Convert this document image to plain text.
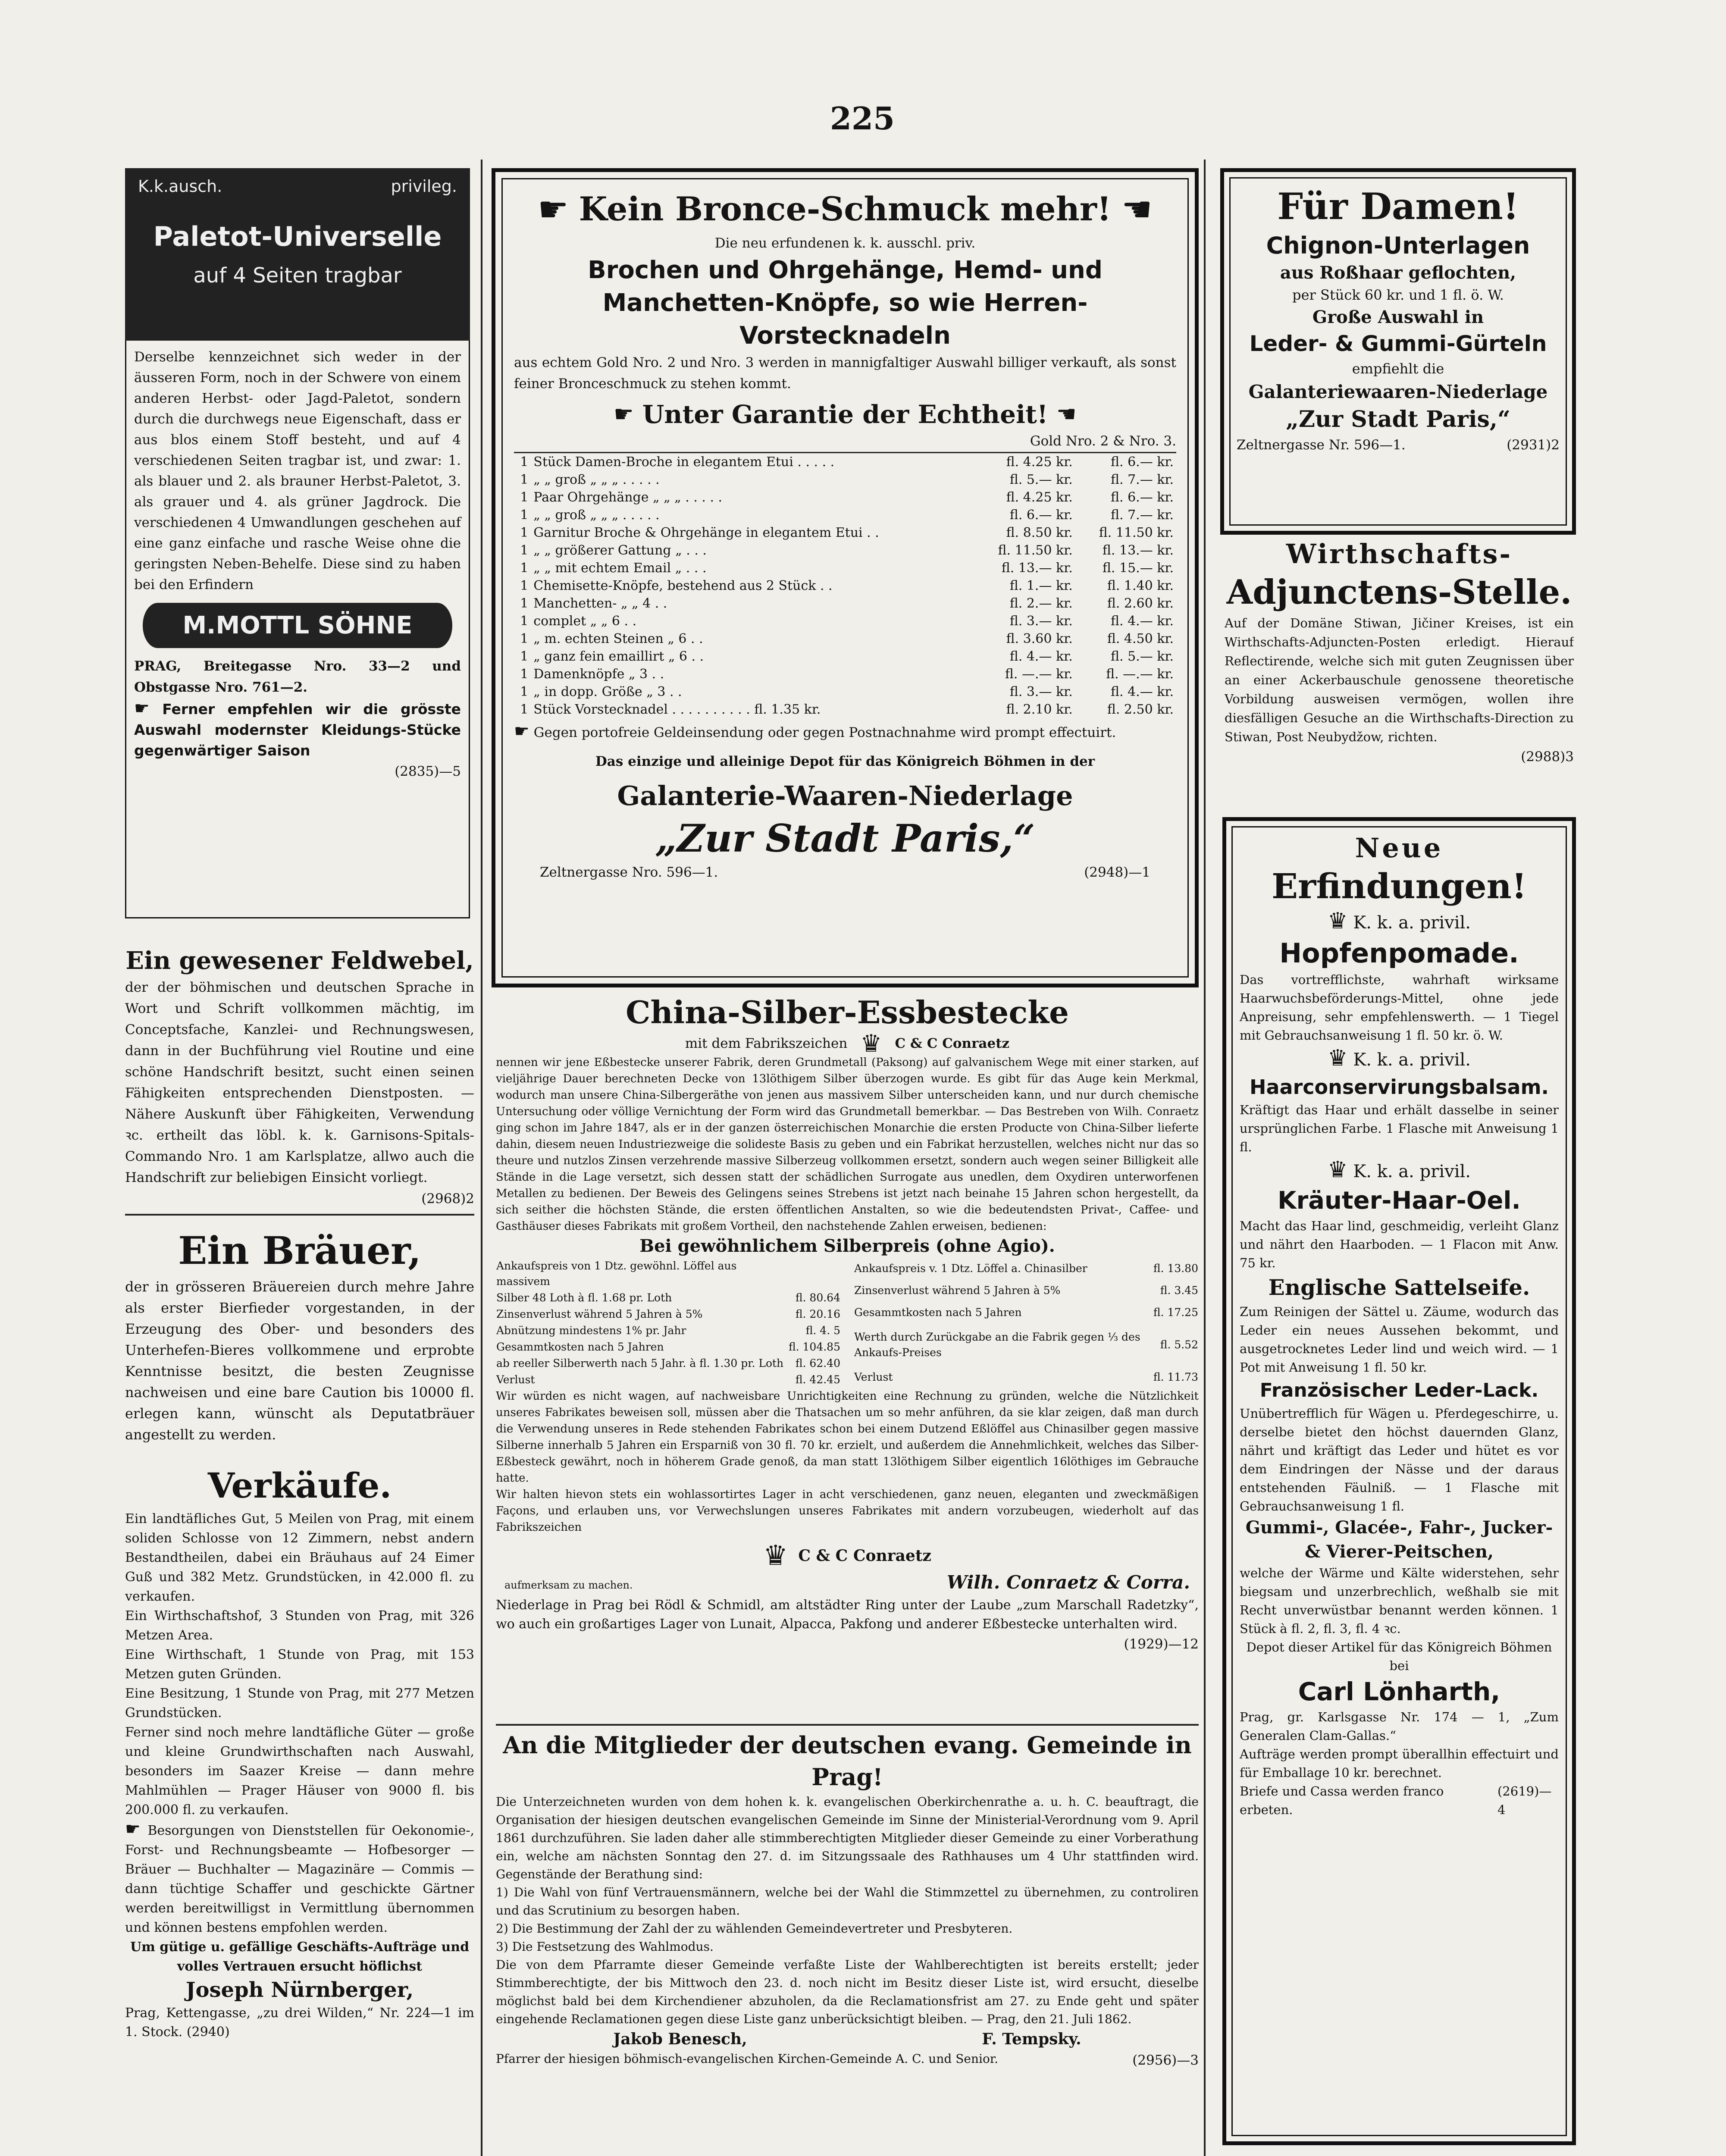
225
K.k.ausch.	privileg.
Paletot-Universelle
auf 4 Seiten tragbar
Derselbe kennzeichnet sich weder in der äusseren Form, noch in der Schwere von einem anderen Herbst- oder Jagd-Paletot, sondern durch die durchwegs neue Eigenschaft, dass er aus blos einem Stoff besteht, und auf 4 verschiedenen Seiten tragbar ist, und zwar: 1. als blauer und 2. als brauner Herbst-Paletot, 3. als grauer und 4. als grüner Jagdrock. Die verschiedenen 4 Umwandlungen geschehen auf eine ganz einfache und rasche Weise ohne die geringsten Neben-Behelfe. Diese sind zu haben bei den Erfindern
M.MOTTL SÖHNE
PRAG, Breitegasse Nro. 33—2 und Obstgasse Nro. 761—2.
☛ Ferner empfehlen wir die grösste Auswahl modernster Kleidungs-Stücke gegenwärtiger Saison
(2835)—5
Ein gewesener Feldwebel,
der der böhmischen und deutschen Sprache in Wort und Schrift vollkommen mächtig, im Conceptsfache, Kanzlei- und Rechnungswesen, dann in der Buchführung viel Routine und eine schöne Handschrift besitzt, sucht einen seinen Fähigkeiten entsprechenden Dienstposten. — Nähere Auskunft über Fähigkeiten, Verwendung ꝛc. ertheilt das löbl. k. k. Garnisons-Spitals-Commando Nro. 1 am Karlsplatze, allwo auch die Handschrift zur beliebigen Einsicht vorliegt.
(2968)2
Ein Bräuer,
der in grösseren Bräuereien durch mehre Jahre als erster Bierfieder vorgestanden, in der Erzeugung des Ober- und besonders des Unterhefen-Bieres vollkommene und erprobte Kenntnisse besitzt, die besten Zeugnisse nachweisen und eine bare Caution bis 10000 fl. erlegen kann, wünscht als Deputatbräuer angestellt zu werden.
Verkäufe.
Ein landtäfliches Gut, 5 Meilen von Prag, mit einem soliden Schlosse von 12 Zimmern, nebst andern Bestandtheilen, dabei ein Bräuhaus auf 24 Eimer Guß und 382 Metz. Grundstücken, in 42.000 fl. zu verkaufen.
Ein Wirthschaftshof, 3 Stunden von Prag, mit 326 Metzen Area.
Eine Wirthschaft, 1 Stunde von Prag, mit 153 Metzen guten Gründen.
Eine Besitzung, 1 Stunde von Prag, mit 277 Metzen Grundstücken.
Ferner sind noch mehre landtäfliche Güter — große und kleine Grundwirthschaften nach Auswahl, besonders im Saazer Kreise — dann mehre Mahlmühlen — Prager Häuser von 9000 fl. bis 200.000 fl. zu verkaufen.
☛ Besorgungen von Dienststellen für Oekonomie-, Forst- und Rechnungsbeamte — Hofbesorger — Bräuer — Buchhalter — Magazinäre — Commis — dann tüchtige Schaffer und geschickte Gärtner werden bereitwilligst in Vermittlung übernommen und können bestens empfohlen werden.
Um gütige u. gefällige Geschäfts-Aufträge und volles Vertrauen ersucht höflichst
Joseph Nürnberger,
Prag, Kettengasse, „zu drei Wilden,“ Nr. 224—1 im 1. Stock. (2940)
☛ Kein Bronce-Schmuck mehr! ☛
Die neu erfundenen k. k. ausschl. priv.
Brochen und Ohrgehänge, Hemd- und Manchetten-Knöpfe, so wie Herren-Vorstecknadeln
aus echtem Gold Nro. 2 und Nro. 3 werden in mannigfaltiger Auswahl billiger verkauft, als sonst feiner Bronceschmuck zu stehen kommt.
☛ Unter Garantie der Echtheit! ☛
Gold Nro. 2 & Nro. 3.
1	Stück Damen-Broche in elegantem Etui . . . . .	fl. 4.25 kr.	fl. 6.— kr.
1	„ „ groß „ „ „ . . . . .	fl. 5.— kr.	fl. 7.— kr.
1	Paar Ohrgehänge „ „ „ . . . . .	fl. 4.25 kr.	fl. 6.— kr.
1	„ „ groß „ „ „ . . . . .	fl. 6.— kr.	fl. 7.— kr.
1	Garnitur Broche & Ohrgehänge in elegantem Etui . .	fl. 8.50 kr.	fl. 11.50 kr.
1	„ „ größerer Gattung „ . . .	fl. 11.50 kr.	fl. 13.— kr.
1	„ „ mit echtem Email „ . . .	fl. 13.— kr.	fl. 15.— kr.
1	Chemisette-Knöpfe, bestehend aus 2 Stück . .	fl. 1.— kr.	fl. 1.40 kr.
1	Manchetten- „ „ 4 . .	fl. 2.— kr.	fl. 2.60 kr.
1	complet „ „ 6 . .	fl. 3.— kr.	fl. 4.— kr.
1	„ m. echten Steinen „ 6 . .	fl. 3.60 kr.	fl. 4.50 kr.
1	„ ganz fein emaillirt „ 6 . .	fl. 4.— kr.	fl. 5.— kr.
1	Damenknöpfe „ 3 . .	fl. —.— kr.	fl. —.— kr.
1	„ in dopp. Größe „ 3 . .	fl. 3.— kr.	fl. 4.— kr.
1	Stück Vorstecknadel . . . . . . . . . . fl. 1.35 kr.	fl. 2.10 kr.	fl. 2.50 kr.
☛ Gegen portofreie Geldeinsendung oder gegen Postnachnahme wird prompt effectuirt.
Das einzige und alleinige Depot für das Königreich Böhmen in der
Galanterie-Waaren-Niederlage
„Zur Stadt Paris,“
Zeltnergasse Nro. 596—1.	(2948)—1
China-Silber-Essbestecke
mit dem Fabrikszeichen ♛ C & C Conraetz
nennen wir jene Eßbestecke unserer Fabrik, deren Grundmetall (Paksong) auf galvanischem Wege mit einer starken, auf vieljährige Dauer berechneten Decke von 13löthigem Silber überzogen wurde. Es gibt für das Auge kein Merkmal, wodurch man unsere China-Silbergeräthe von jenen aus massivem Silber unterscheiden kann, und nur durch chemische Untersuchung oder völlige Vernichtung der Form wird das Grundmetall bemerkbar. — Das Bestreben von Wilh. Conraetz ging schon im Jahre 1847, als er in der ganzen österreichischen Monarchie die ersten Producte von China-Silber lieferte dahin, diesem neuen Industriezweige die solideste Basis zu geben und ein Fabrikat herzustellen, welches nicht nur das so theure und nutzlos Zinsen verzehrende massive Silberzeug vollkommen ersetzt, sondern auch wegen seiner Billigkeit alle Stände in die Lage versetzt, sich dessen statt der schädlichen Surrogate aus unedlen, dem Oxydiren unterworfenen Metallen zu bedienen. Der Beweis des Gelingens seines Strebens ist jetzt nach beinahe 15 Jahren schon hergestellt, da sich seither die höchsten Stände, die ersten öffentlichen Anstalten, so wie die bedeutendsten Privat-, Caffee- und Gasthäuser dieses Fabrikats mit großem Vortheil, den nachstehende Zahlen erweisen, bedienen:
Bei gewöhnlichem Silberpreis (ohne Agio).
Ankaufspreis von 1 Dtz. gewöhnl. Löffel aus massivem	
Silber 48 Loth à fl. 1.68 pr. Loth	fl. 80.64
Zinsenverlust während 5 Jahren à 5%	fl. 20.16
Abnützung mindestens 1% pr. Jahr	fl. 4. 5
Gesammtkosten nach 5 Jahren	fl. 104.85
ab reeller Silberwerth nach 5 Jahr. à fl. 1.30 pr. Loth	fl. 62.40
Verlust	fl. 42.45
Ankaufspreis v. 1 Dtz. Löffel a. Chinasilber	fl. 13.80
Zinsenverlust während 5 Jahren à 5%	fl. 3.45
Gesammtkosten nach 5 Jahren	fl. 17.25
Werth durch Zurückgabe an die Fabrik gegen ⅓ des Ankaufs-Preises	fl. 5.52
Verlust	fl. 11.73
Wir würden es nicht wagen, auf nachweisbare Unrichtigkeiten eine Rechnung zu gründen, welche die Nützlichkeit unseres Fabrikates beweisen soll, müssen aber die Thatsachen um so mehr anführen, da sie klar zeigen, daß man durch die Verwendung unseres in Rede stehenden Fabrikates schon bei einem Dutzend Eßlöffel aus Chinasilber gegen massive Silberne innerhalb 5 Jahren ein Ersparniß von 30 fl. 70 kr. erzielt, und außerdem die Annehmlichkeit, welches das Silber-Eßbesteck gewährt, noch in höherem Grade genoß, da man statt 13löthigem Silber eigentlich 16löthiges im Gebrauche hatte.
Wir halten hievon stets ein wohlassortirtes Lager in acht verschiedenen, ganz neuen, eleganten und zweckmäßigen Façons, und erlauben uns, vor Verwechslungen unseres Fabrikates mit andern vorzubeugen, wiederholt auf das Fabrikszeichen
♛ C & C Conraetz
aufmerksam zu machen.	Wilh. Conraetz & Corra.
Niederlage in Prag bei Rödl & Schmidl, am altstädter Ring unter der Laube „zum Marschall Radetzky“, wo auch ein großartiges Lager von Lunait, Alpacca, Pakfong und anderer Eßbestecke unterhalten wird.
(1929)—12
An die Mitglieder der deutschen evang. Gemeinde in Prag!
Die Unterzeichneten wurden von dem hohen k. k. evangelischen Oberkirchenrathe a. u. h. C. beauftragt, die Organisation der hiesigen deutschen evangelischen Gemeinde im Sinne der Ministerial-Verordnung vom 9. April 1861 durchzuführen. Sie laden daher alle stimmberechtigten Mitglieder dieser Gemeinde zu einer Vorberathung ein, welche am nächsten Sonntag den 27. d. im Sitzungssaale des Rathhauses um 4 Uhr stattfinden wird. Gegenstände der Berathung sind:
1) Die Wahl von fünf Vertrauensmännern, welche bei der Wahl die Stimmzettel zu übernehmen, zu controliren und das Scrutinium zu besorgen haben.
2) Die Bestimmung der Zahl der zu wählenden Gemeindevertreter und Presbyteren.
3) Die Festsetzung des Wahlmodus.
Die von dem Pfarramte dieser Gemeinde verfaßte Liste der Wahlberechtigten ist bereits erstellt; jeder Stimmberechtigte, der bis Mittwoch den 23. d. noch nicht im Besitz dieser Liste ist, wird ersucht, dieselbe möglichst bald bei dem Kirchendiener abzuholen, da die Reclamationsfrist am 27. zu Ende geht und später eingehende Reclamationen gegen diese Liste ganz unberücksichtigt bleiben. — Prag, den 21. Juli 1862.
Jakob Benesch,	F. Tempsky.
Pfarrer der hiesigen böhmisch-evangelischen Kirchen-Gemeinde A. C. und Senior.	(2956)—3
Für Damen!
Chignon-Unterlagen
aus Roßhaar geflochten,
per Stück 60 kr. und 1 fl. ö. W.
Große Auswahl in
Leder- & Gummi-Gürteln
empfiehlt die
Galanteriewaaren-Niederlage
„Zur Stadt Paris,“
Zeltnergasse Nr. 596—1.	(2931)2
Wirthschafts-
Adjunctens-Stelle.
Auf der Domäne Stiwan, Jičiner Kreises, ist ein Wirthschafts-Adjuncten-Posten erledigt. Hierauf Reflectirende, welche sich mit guten Zeugnissen über an einer Ackerbauschule genossene theoretische Vorbildung ausweisen vermögen, wollen ihre diesfälligen Gesuche an die Wirthschafts-Direction zu Stiwan, Post Neubydžow, richten.
(2988)3
Neue
Erfindungen!
♛ K. k. a. privil.
Hopfenpomade.
Das vortrefflichste, wahrhaft wirksame Haarwuchsbeförderungs-Mittel, ohne jede Anpreisung, sehr empfehlenswerth. — 1 Tiegel mit Gebrauchsanweisung 1 fl. 50 kr. ö. W.
♛ K. k. a. privil.
Haarconservirungsbalsam.
Kräftigt das Haar und erhält dasselbe in seiner ursprünglichen Farbe. 1 Flasche mit Anweisung 1 fl.
♛ K. k. a. privil.
Kräuter-Haar-Oel.
Macht das Haar lind, geschmeidig, verleiht Glanz und nährt den Haarboden. — 1 Flacon mit Anw. 75 kr.
Englische Sattelseife.
Zum Reinigen der Sättel u. Zäume, wodurch das Leder ein neues Aussehen bekommt, und ausgetrocknetes Leder lind und weich wird. — 1 Pot mit Anweisung 1 fl. 50 kr.
Französischer Leder-Lack.
Unübertrefflich für Wägen u. Pferdegeschirre, u. derselbe bietet den höchst dauernden Glanz, nährt und kräftigt das Leder und hütet es vor dem Eindringen der Nässe und der daraus entstehenden Fäulniß. — 1 Flasche mit Gebrauchsanweisung 1 fl.
Gummi-, Glacée-, Fahr-, Jucker- & Vierer-Peitschen,
welche der Wärme und Kälte widerstehen, sehr biegsam und unzerbrechlich, weßhalb sie mit Recht unverwüstbar benannt werden können. 1 Stück à fl. 2, fl. 3, fl. 4 ꝛc.
Depot dieser Artikel für das Königreich Böhmen bei
Carl Lönharth,
Prag, gr. Karlsgasse Nr. 174 — 1, „Zum Generalen Clam-Gallas.“
Aufträge werden prompt überallhin effectuirt und für Emballage 10 kr. berechnet.
Briefe und Cassa werden franco erbeten.
(2619)—4
